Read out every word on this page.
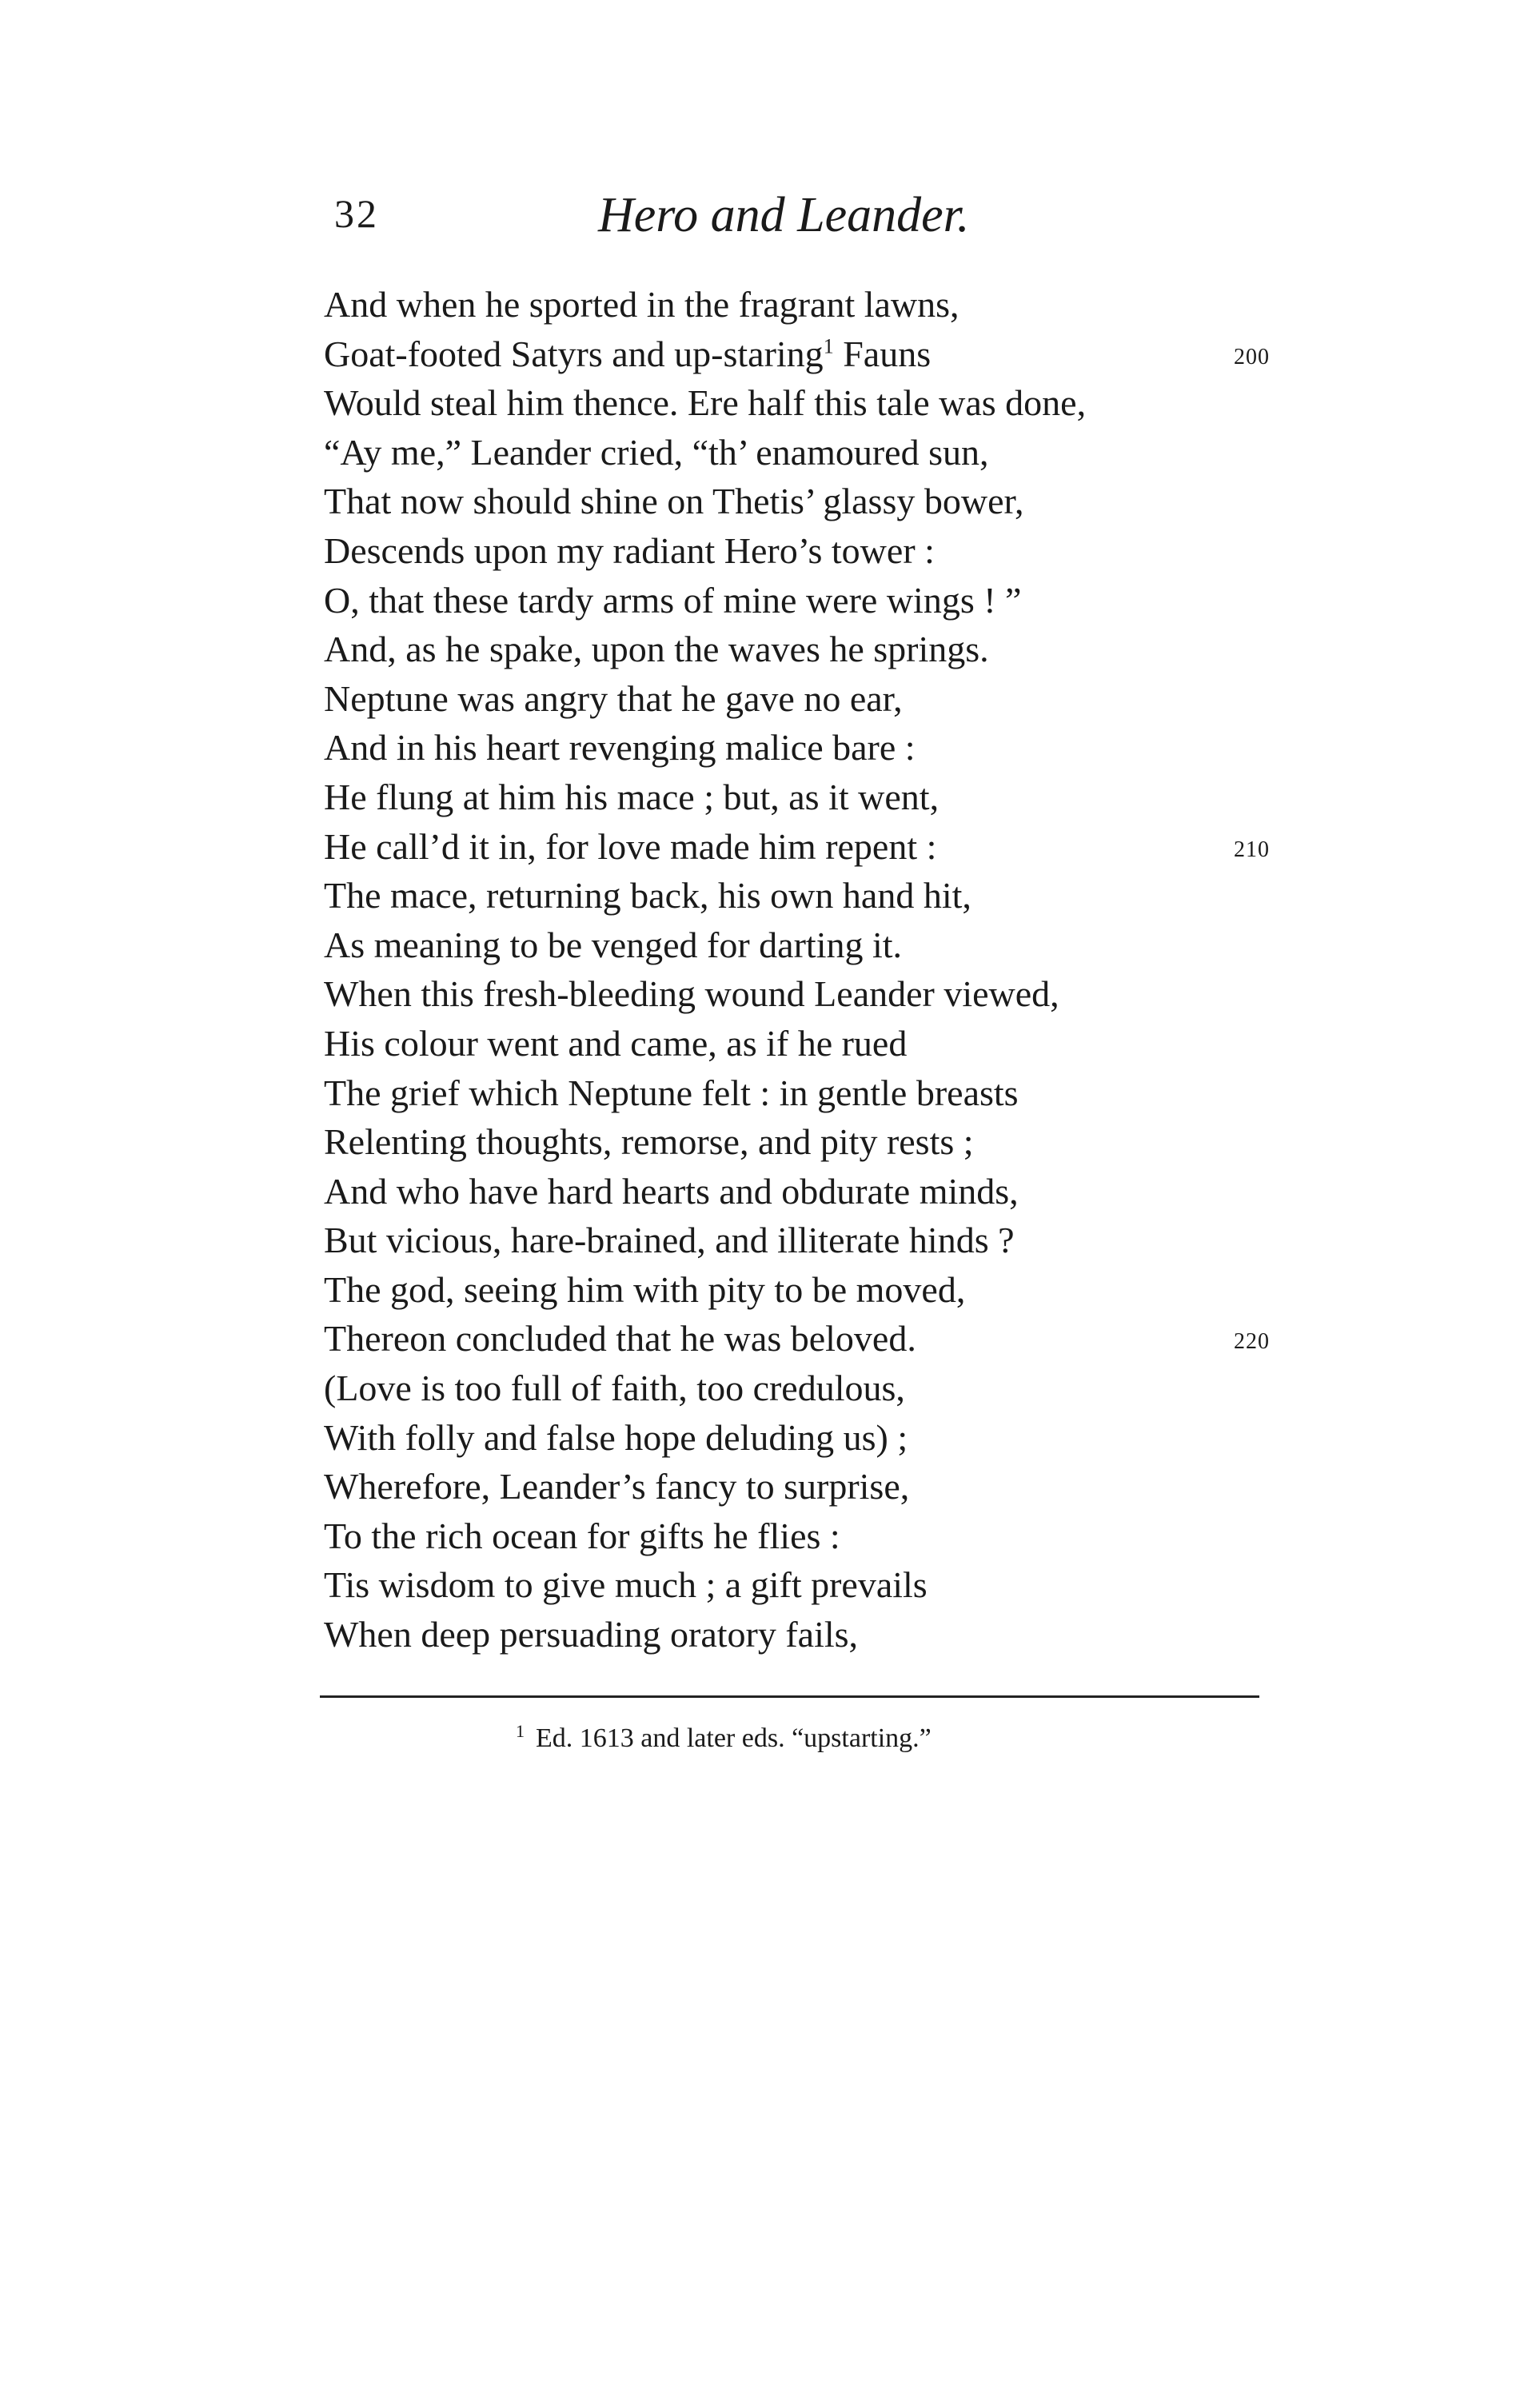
32	Hero and Leander.
And when he sported in the fragrant lawns,
Goat-footed Satyrs and up-staring$^1$ Fauns	200
Would steal him thence. Ere half this tale was done,
“Ay me,” Leander cried, “th’ enamoured sun,
That now should shine on Thetis’ glassy bower,
Descends upon my radiant Hero’s tower :
O, that these tardy arms of mine were wings ! ”
And, as he spake, upon the waves he springs.
Neptune was angry that he gave no ear,
And in his heart revenging malice bare :
He flung at him his mace ; but, as it went,
He call’d it in, for love made him repent :	210
The mace, returning back, his own hand hit,
As meaning to be venged for darting it.
When this fresh-bleeding wound Leander viewed,
His colour went and came, as if he rued
The grief which Neptune felt : in gentle breasts
Relenting thoughts, remorse, and pity rests ;
And who have hard hearts and obdurate minds,
But vicious, hare-brained, and illiterate hinds ?
The god, seeing him with pity to be moved,
Thereon concluded that he was beloved.	220
(Love is too full of faith, too credulous,
With folly and false hope deluding us) ;
Wherefore, Leander’s fancy to surprise,
To the rich ocean for gifts he flies :
Tis wisdom to give much ; a gift prevails
When deep persuading oratory fails,
$^1$ Ed. 1613 and later eds. “upstarting.”
